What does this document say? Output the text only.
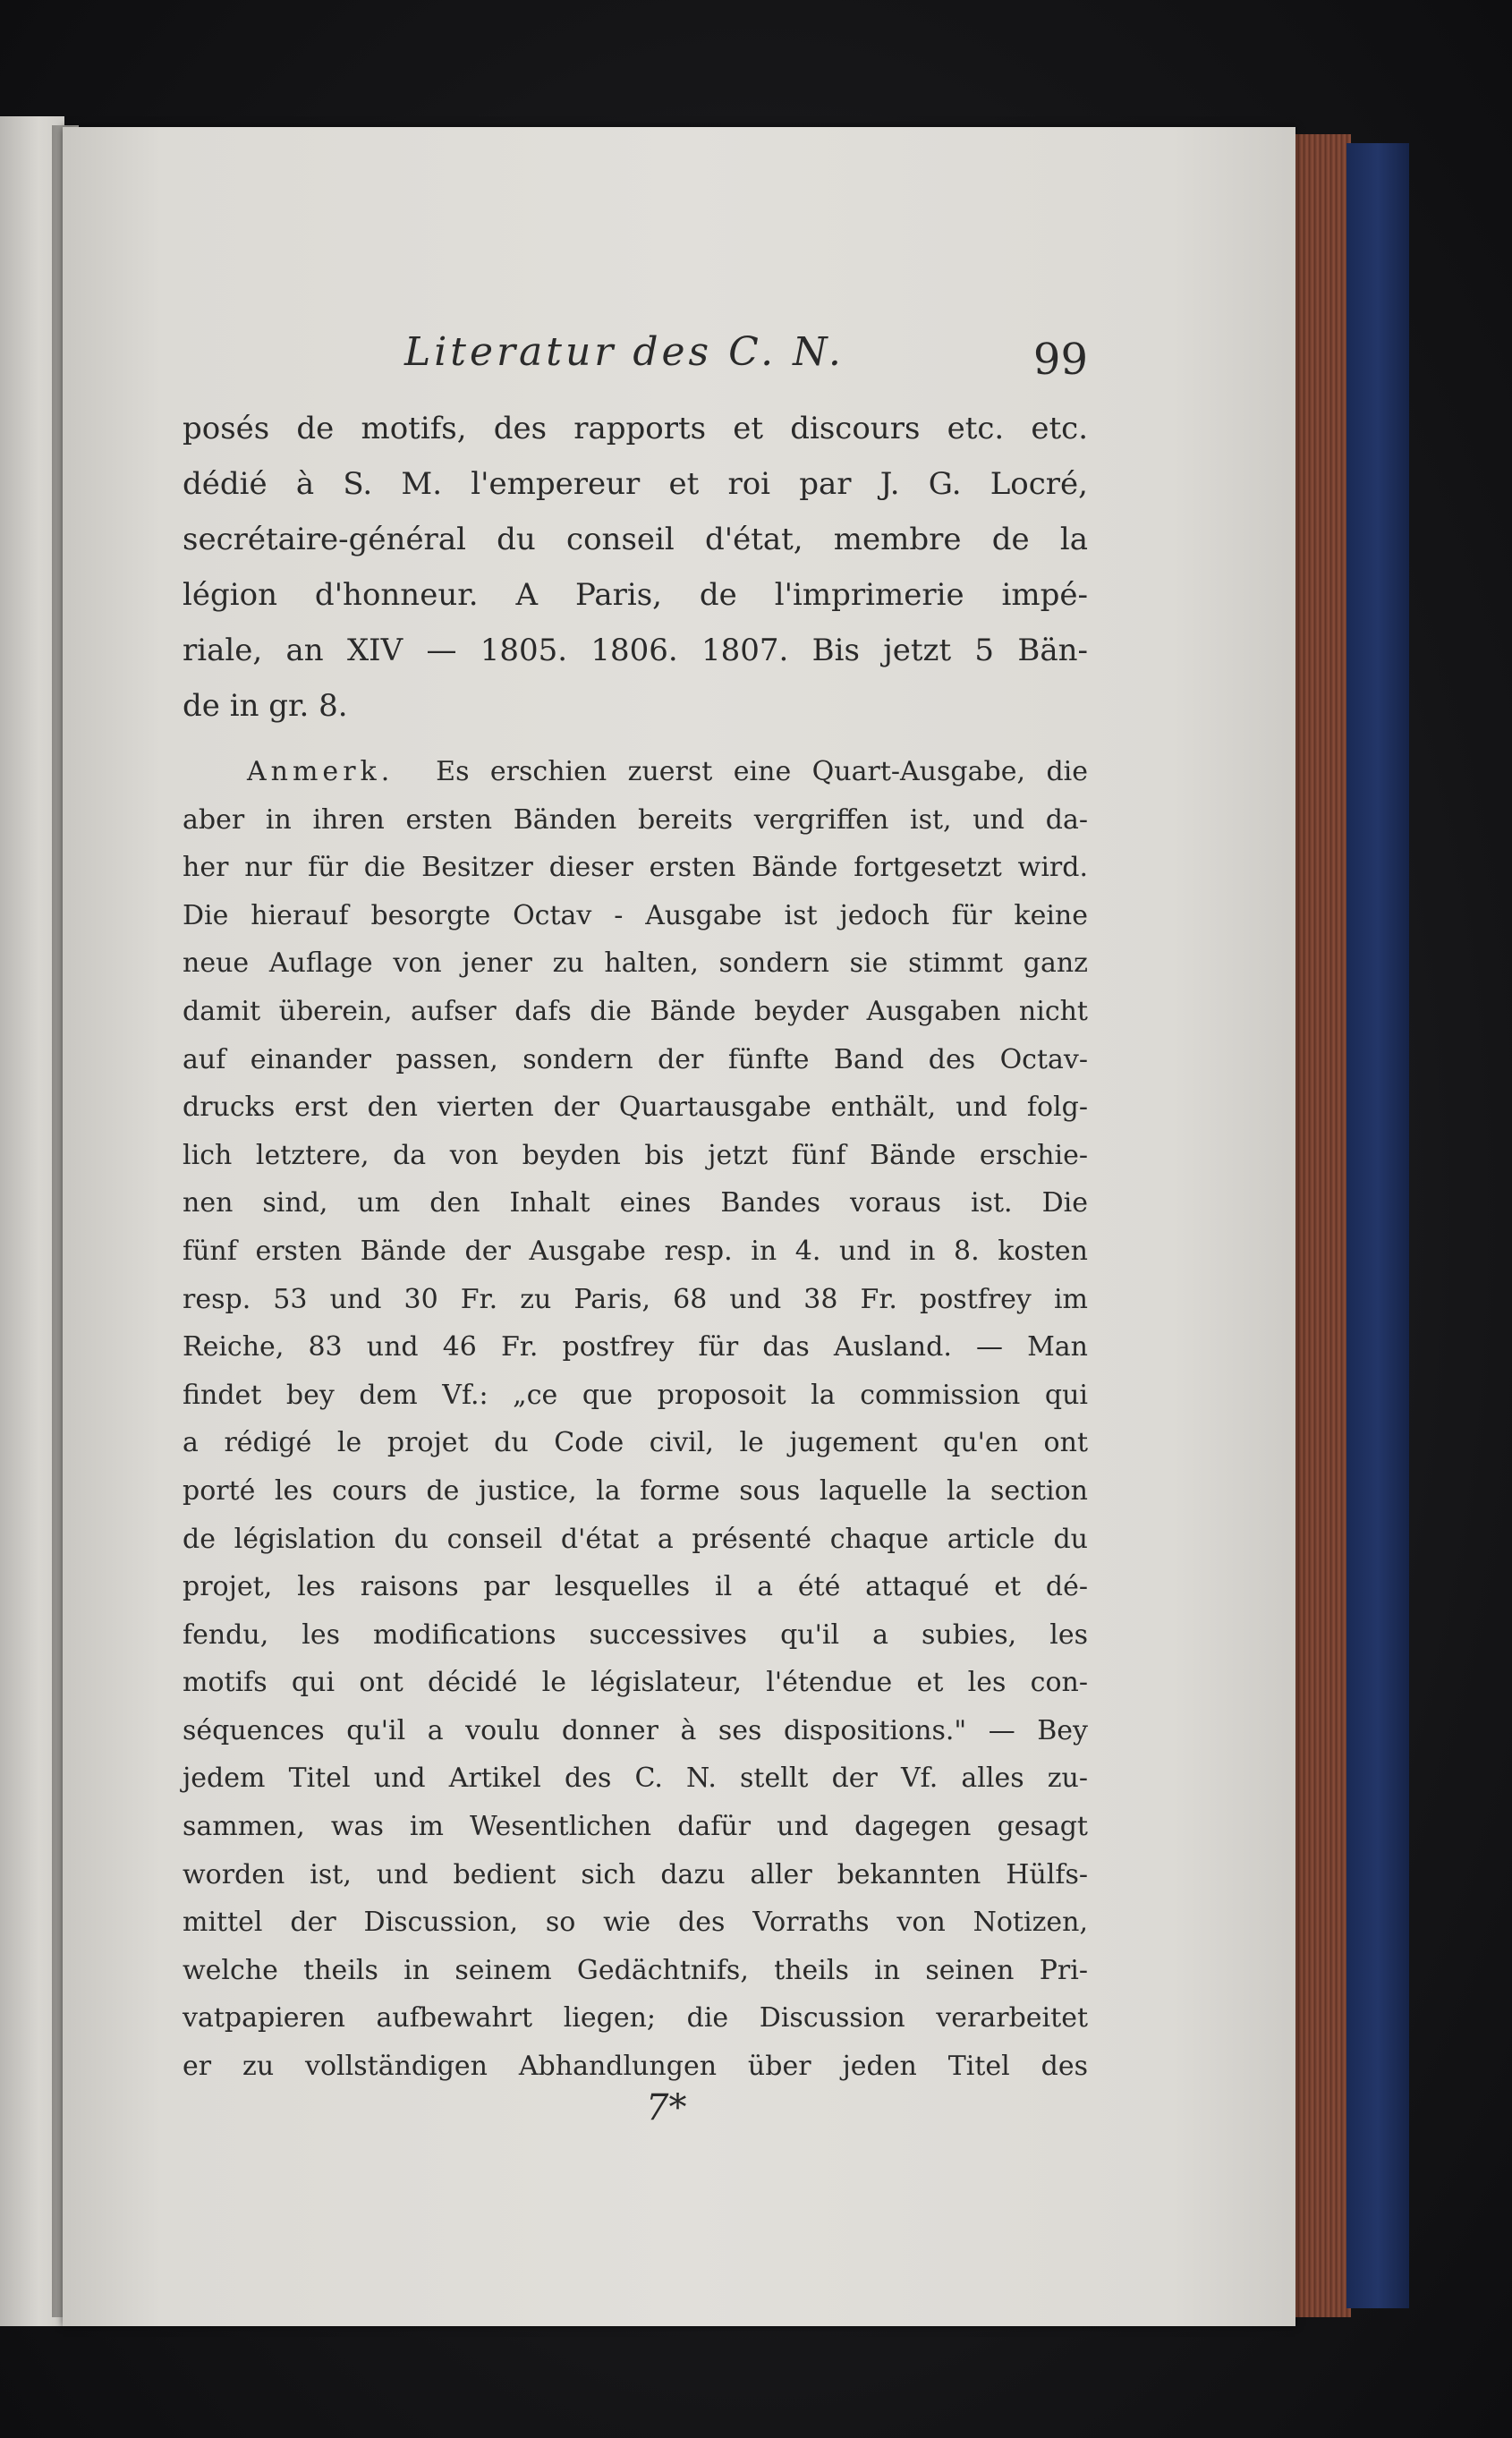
Literatur des C. N.	99
posés de motifs, des rapports et discours etc. etc.
dédié à S. M. l'empereur et roi par J. G. Locré,
secrétaire-général du conseil d'état, membre de la
légion d'honneur. A Paris, de l'imprimerie impé-
riale, an XIV — 1805. 1806. 1807. Bis jetzt 5 Bän-
de in gr. 8.
Anmerk. Es erschien zuerst eine Quart-Ausgabe, die
aber in ihren ersten Bänden bereits vergriffen ist, und da-
her nur für die Besitzer dieser ersten Bände fortgesetzt wird.
Die hierauf besorgte Octav - Ausgabe ist jedoch für keine
neue Auflage von jener zu halten, sondern sie stimmt ganz
damit überein, aufser dafs die Bände beyder Ausgaben nicht
auf einander passen, sondern der fünfte Band des Octav-
drucks erst den vierten der Quartausgabe enthält, und folg-
lich letztere, da von beyden bis jetzt fünf Bände erschie-
nen sind, um den Inhalt eines Bandes voraus ist. Die
fünf ersten Bände der Ausgabe resp. in 4. und in 8. kosten
resp. 53 und 30 Fr. zu Paris, 68 und 38 Fr. postfrey im
Reiche, 83 und 46 Fr. postfrey für das Ausland. — Man
findet bey dem Vf.: „ce que proposoit la commission qui
a rédigé le projet du Code civil, le jugement qu'en ont
porté les cours de justice, la forme sous laquelle la section
de législation du conseil d'état a présenté chaque article du
projet, les raisons par lesquelles il a été attaqué et dé-
fendu, les modifications successives qu'il a subies, les
motifs qui ont décidé le législateur, l'étendue et les con-
séquences qu'il a voulu donner à ses dispositions." — Bey
jedem Titel und Artikel des C. N. stellt der Vf. alles zu-
sammen, was im Wesentlichen dafür und dagegen gesagt
worden ist, und bedient sich dazu aller bekannten Hülfs-
mittel der Discussion, so wie des Vorraths von Notizen,
welche theils in seinem Gedächtnifs, theils in seinen Pri-
vatpapieren aufbewahrt liegen; die Discussion verarbeitet
er zu vollständigen Abhandlungen über jeden Titel des
7*
